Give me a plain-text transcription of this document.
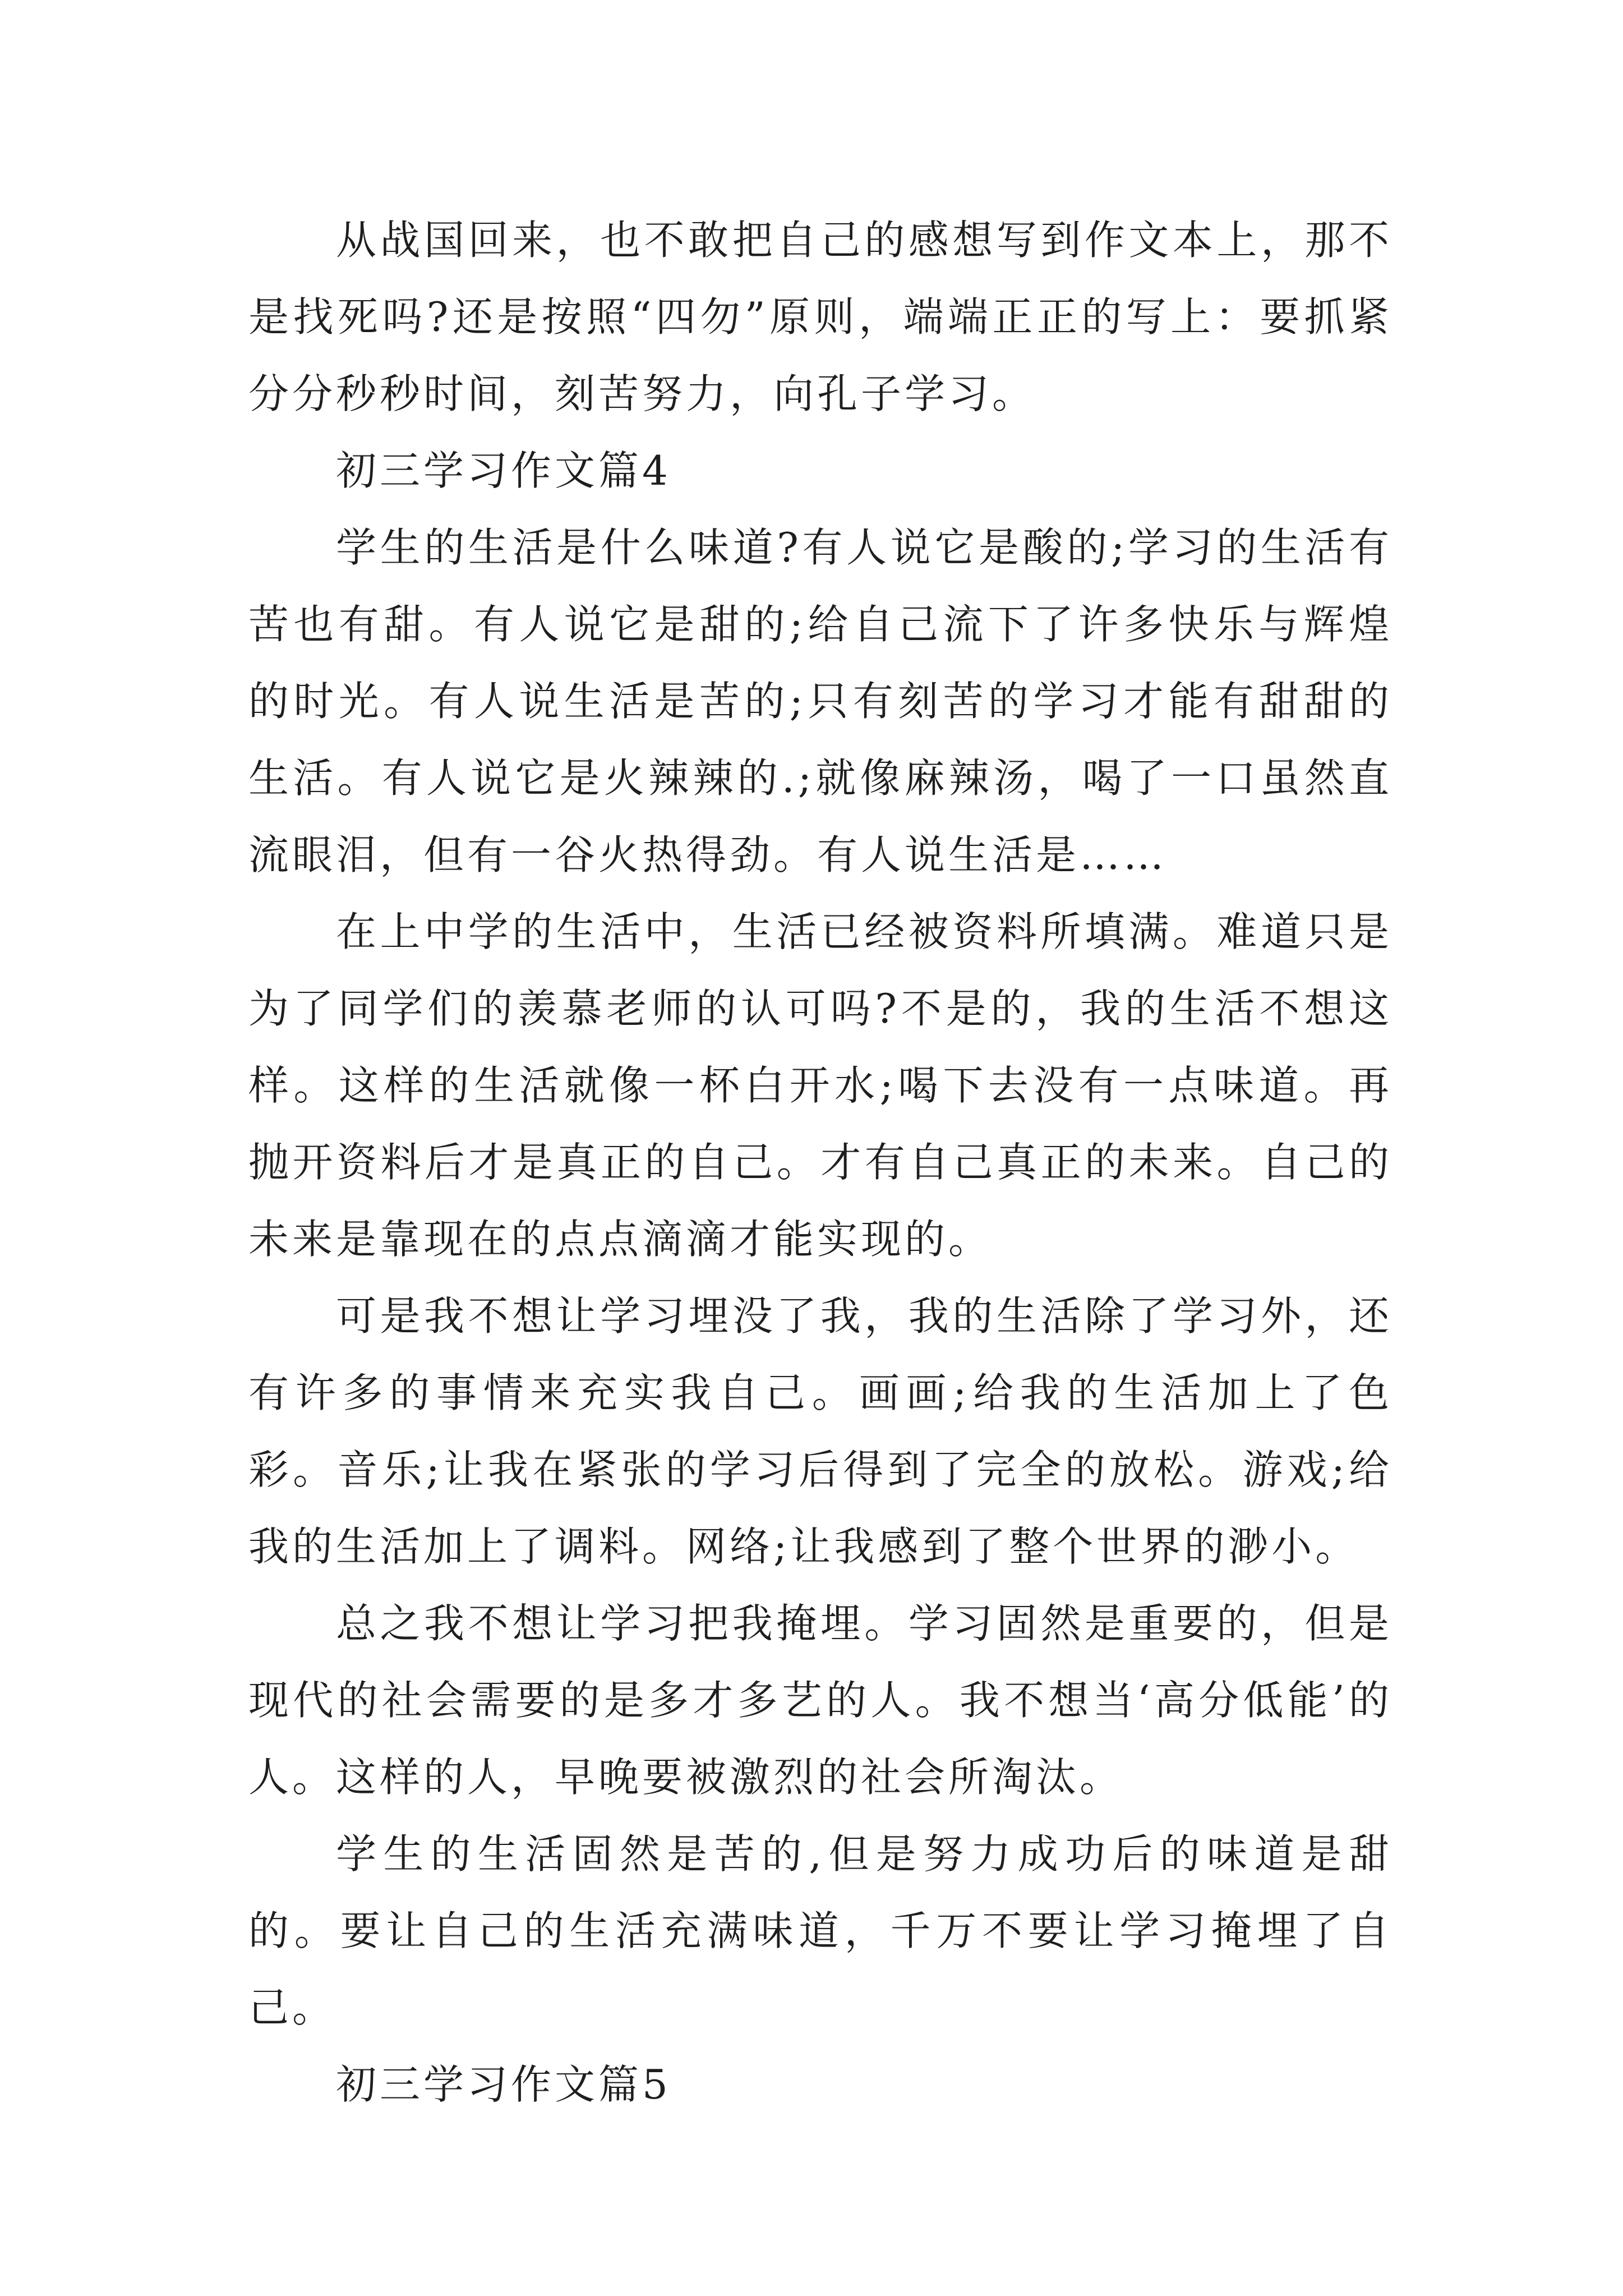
从战国回来，也不敢把自己的感想写到作文本上，那不是找死吗?还是按照“四勿”原则，端端正正的写上：要抓紧分分秒秒时间，刻苦努力，向孔子学习。

初三学习作文篇4

学生的生活是什么味道?有人说它是酸的;学习的生活有苦也有甜。有人说它是甜的;给自己流下了许多快乐与辉煌的时光。有人说生活是苦的;只有刻苦的学习才能有甜甜的生活。有人说它是火辣辣的.;就像麻辣汤，喝了一口虽然直流眼泪，但有一谷火热得劲。有人说生活是……

在上中学的生活中，生活已经被资料所填满。难道只是为了同学们的羡慕老师的认可吗?不是的，我的生活不想这样。这样的生活就像一杯白开水;喝下去没有一点味道。再抛开资料后才是真正的自己。才有自己真正的未来。自己的未来是靠现在的点点滴滴才能实现的。

可是我不想让学习埋没了我，我的生活除了学习外，还有许多的事情来充实我自己。画画;给我的生活加上了色彩。音乐;让我在紧张的学习后得到了完全的放松。游戏;给我的生活加上了调料。网络;让我感到了整个世界的渺小。

总之我不想让学习把我掩埋。学习固然是重要的，但是现代的社会需要的是多才多艺的人。我不想当‘高分低能’的人。这样的人，早晚要被激烈的社会所淘汰。

学生的生活固然是苦的,但是努力成功后的味道是甜的。要让自己的生活充满味道，千万不要让学习掩埋了自己。

初三学习作文篇5
